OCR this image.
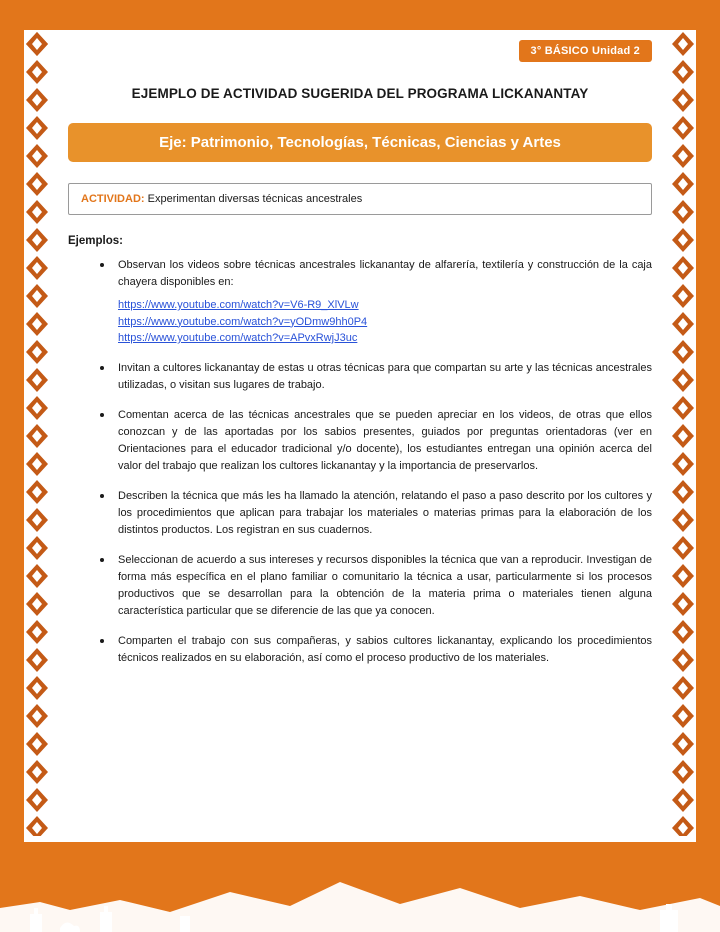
3° BÁSICO Unidad 2
EJEMPLO DE ACTIVIDAD SUGERIDA DEL PROGRAMA LICKANANTAY
Eje: Patrimonio, Tecnologías, Técnicas, Ciencias y Artes
ACTIVIDAD: Experimentan diversas técnicas ancestrales
Ejemplos:
Observan los videos sobre técnicas ancestrales lickanantay de alfarería, textilería y construcción de la caja chayera disponibles en:
https://www.youtube.com/watch?v=V6-R9_XlVLw
https://www.youtube.com/watch?v=yODmw9hh0P4
https://www.youtube.com/watch?v=APvxRwjJ3uc
Invitan a cultores lickanantay de estas u otras técnicas para que compartan su arte y las técnicas ancestrales utilizadas, o visitan sus lugares de trabajo.
Comentan acerca de las técnicas ancestrales que se pueden apreciar en los videos, de otras que ellos conozcan y de las aportadas por los sabios presentes, guiados por preguntas orientadoras (ver en Orientaciones para el educador tradicional y/o docente), los estudiantes entregan una opinión acerca del valor del trabajo que realizan los cultores lickanantay y la importancia de preservarlos.
Describen la técnica que más les ha llamado la atención, relatando el paso a paso descrito por los cultores y los procedimientos que aplican para trabajar los materiales o materias primas para la elaboración de los distintos productos. Los registran en sus cuadernos.
Seleccionan de acuerdo a sus intereses y recursos disponibles la técnica que van a reproducir. Investigan de forma más específica en el plano familiar o comunitario la técnica a usar, particularmente si los procesos productivos que se desarrollan para la obtención de la materia prima o materiales tienen alguna característica particular que se diferencie de las que ya conocen.
Comparten el trabajo con sus compañeras, y sabios cultores lickanantay, explicando los procedimientos técnicos realizados en su elaboración, así como el proceso productivo de los materiales.
